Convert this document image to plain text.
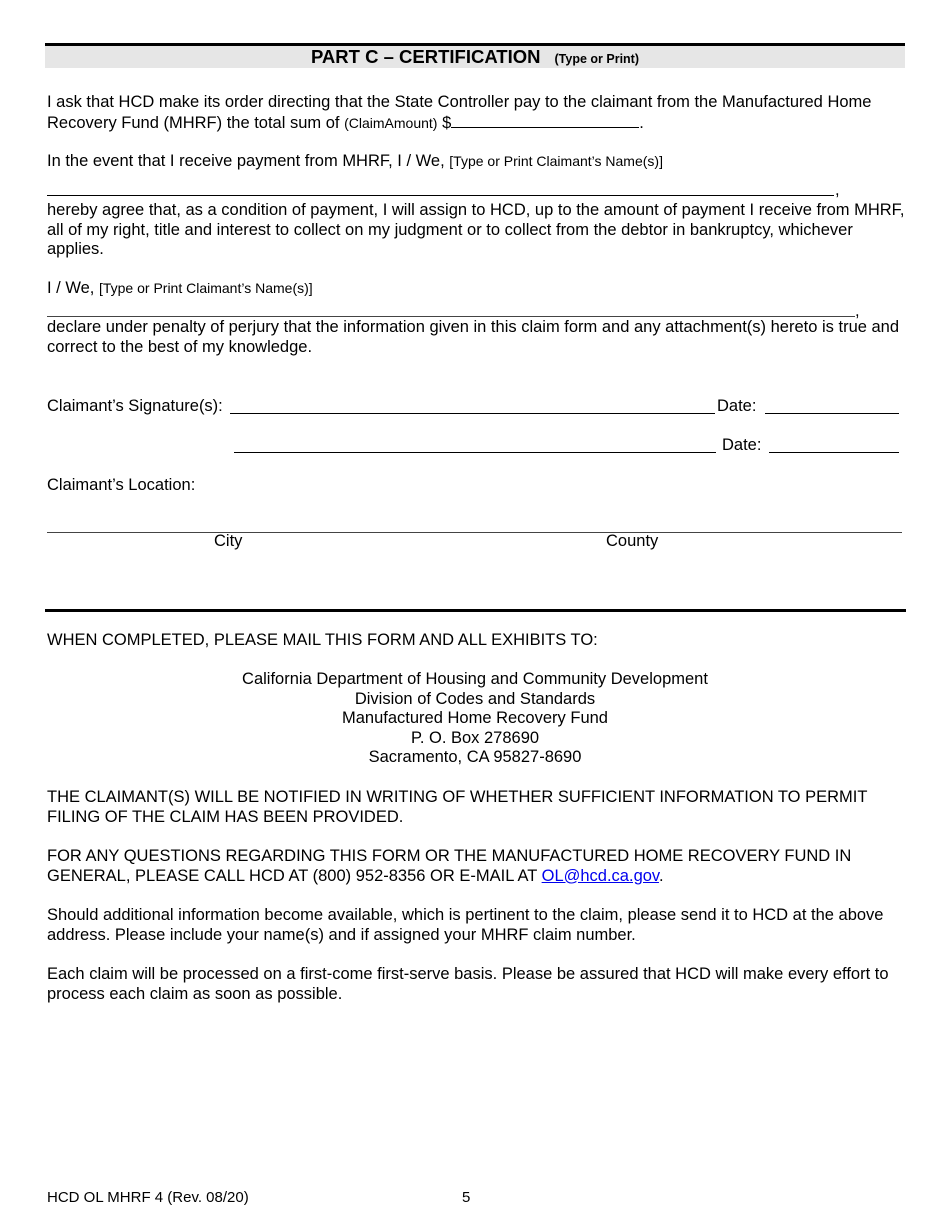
PART C – CERTIFICATION (Type or Print)
I ask that HCD make its order directing that the State Controller pay to the claimant from the Manufactured Home Recovery Fund (MHRF) the total sum of (ClaimAmount) $	.
In the event that I receive payment from MHRF, I / We, [Type or Print Claimant’s Name(s)]
,
hereby agree that, as a condition of payment, I will assign to HCD, up to the amount of payment I receive from MHRF, all of my right, title and interest to collect on my judgment or to collect from the debtor in bankruptcy, whichever applies.
I / We, [Type or Print Claimant’s Name(s)]
,
declare under penalty of perjury that the information given in this claim form and any attachment(s) hereto is true and correct to the best of my knowledge.
Claimant’s Signature(s):	Date:
Date:
Claimant’s Location:
City	County
WHEN COMPLETED, PLEASE MAIL THIS FORM AND ALL EXHIBITS TO:
California Department of Housing and Community Development
Division of Codes and Standards
Manufactured Home Recovery Fund
P. O. Box 278690
Sacramento, CA 95827-8690
THE CLAIMANT(S) WILL BE NOTIFIED IN WRITING OF WHETHER SUFFICIENT INFORMATION TO PERMIT FILING OF THE CLAIM HAS BEEN PROVIDED.
FOR ANY QUESTIONS REGARDING THIS FORM OR THE MANUFACTURED HOME RECOVERY FUND IN GENERAL, PLEASE CALL HCD AT (800) 952-8356 OR E-MAIL AT OL@hcd.ca.gov.
Should additional information become available, which is pertinent to the claim, please send it to HCD at the above address. Please include your name(s) and if assigned your MHRF claim number.
Each claim will be processed on a first-come first-serve basis. Please be assured that HCD will make every effort to process each claim as soon as possible.
HCD OL MHRF 4 (Rev. 08/20)	5
